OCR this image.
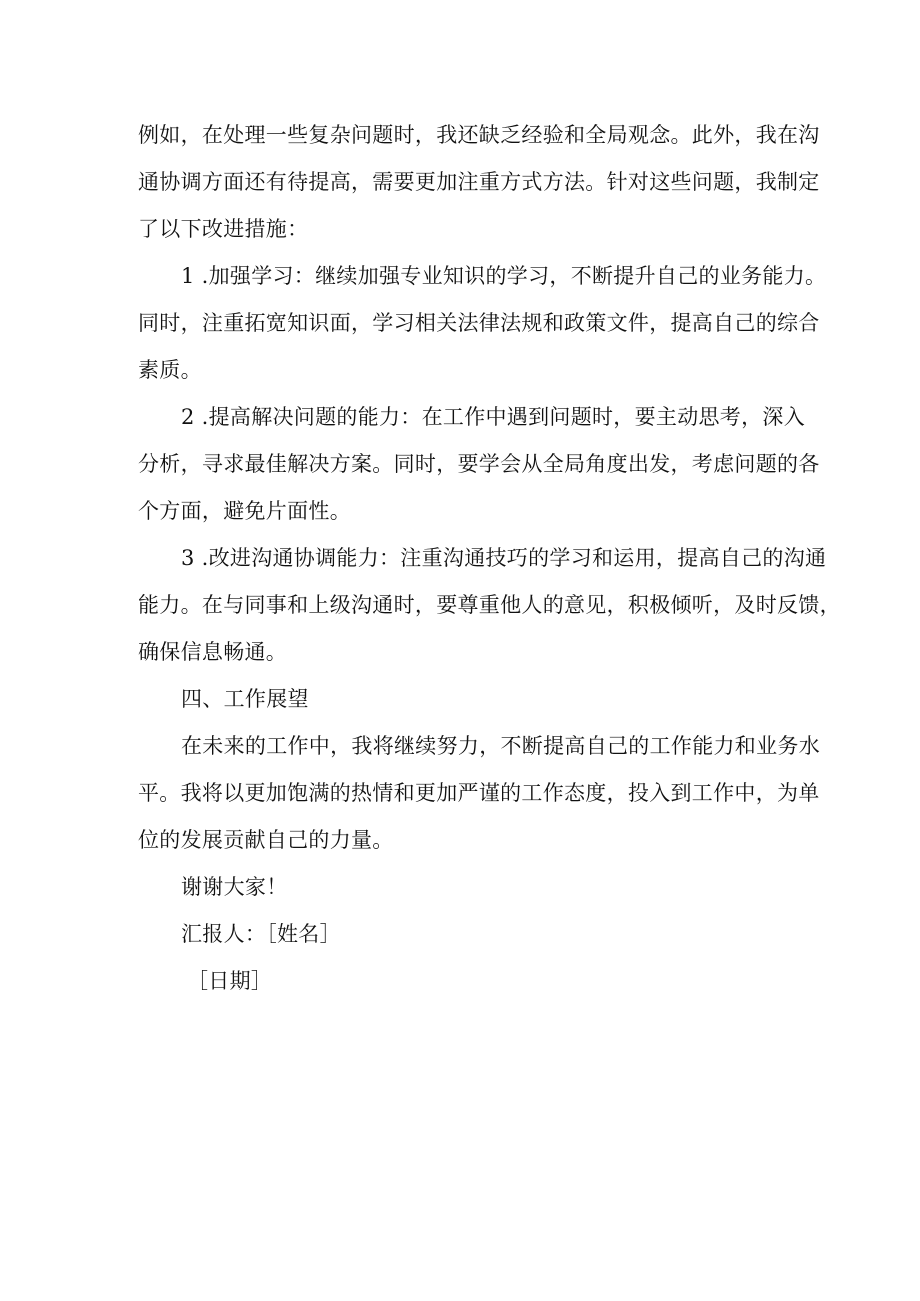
例如，在处理一些复杂问题时，我还缺乏经验和全局观念。此外，我在沟
通协调方面还有待提高，需要更加注重方式方法。针对这些问题，我制定
了以下改进措施：
1 .加强学习：继续加强专业知识的学习，不断提升自己的业务能力。
同时，注重拓宽知识面，学习相关法律法规和政策文件，提高自己的综合
素质。
2 .提高解决问题的能力：在工作中遇到问题时，要主动思考，深入
分析，寻求最佳解决方案。同时，要学会从全局角度出发，考虑问题的各
个方面，避免片面性。
3 .改进沟通协调能力：注重沟通技巧的学习和运用，提高自己的沟通
能力。在与同事和上级沟通时，要尊重他人的意见，积极倾听，及时反馈，
确保信息畅通。
四、工作展望
在未来的工作中，我将继续努力，不断提高自己的工作能力和业务水
平。我将以更加饱满的热情和更加严谨的工作态度，投入到工作中，为单
位的发展贡献自己的力量。
谢谢大家！
汇报人：［姓名］
［日期］
